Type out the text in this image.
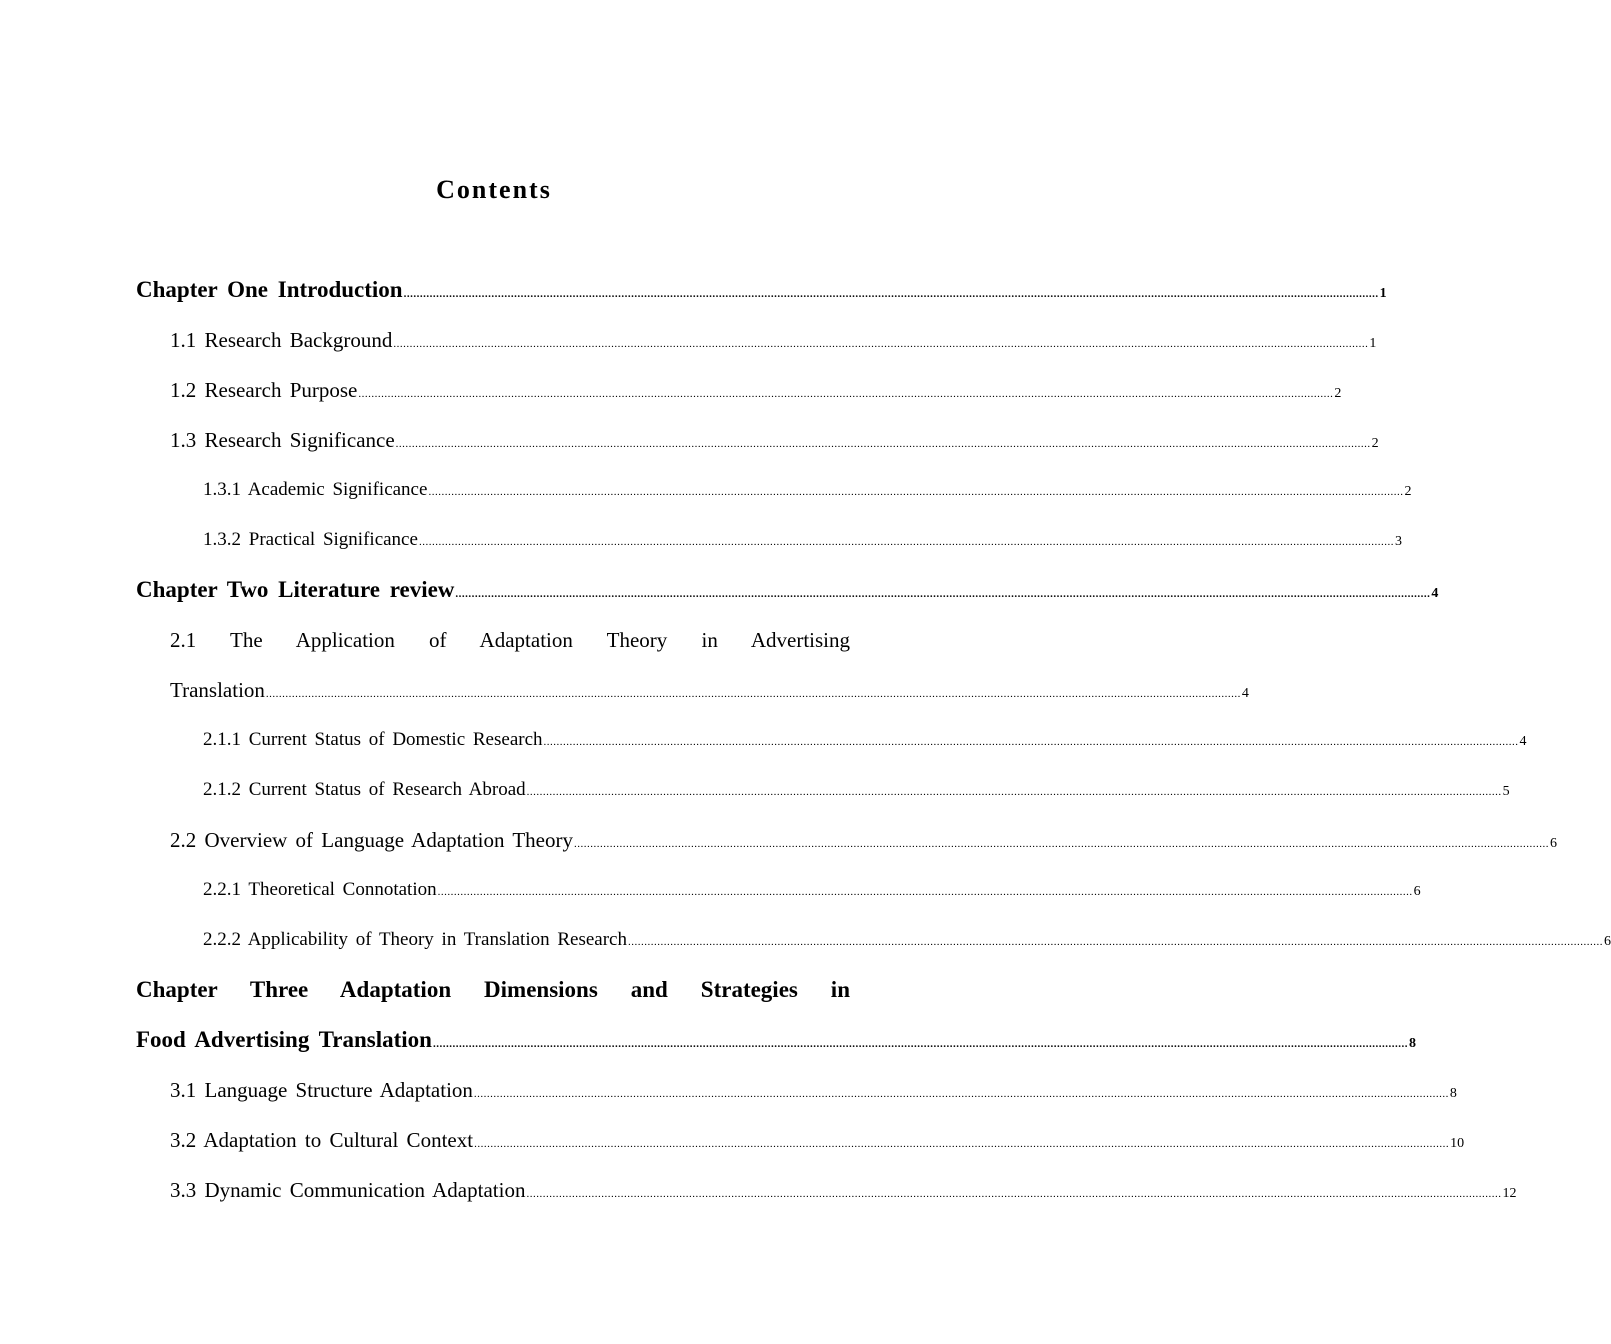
Contents
Chapter One Introduction ............................................................................................................................................................................................................................................................................................................ 1
1.1 Research Background ............................................................................................................................................................................................................................................................................................................ 1
1.2 Research Purpose ............................................................................................................................................................................................................................................................................................................ 2
1.3 Research Significance ............................................................................................................................................................................................................................................................................................................ 2
1.3.1 Academic Significance ............................................................................................................................................................................................................................................................................................................ 2
1.3.2 Practical Significance ............................................................................................................................................................................................................................................................................................................ 3
Chapter Two Literature review ............................................................................................................................................................................................................................................................................................................ 4
2.1 The Application of Adaptation Theory in Advertising
Translation ............................................................................................................................................................................................................................................................................................................ 4
2.1.1 Current Status of Domestic Research ............................................................................................................................................................................................................................................................................................................ 4
2.1.2 Current Status of Research Abroad ............................................................................................................................................................................................................................................................................................................ 5
2.2 Overview of Language Adaptation Theory ............................................................................................................................................................................................................................................................................................................ 6
2.2.1 Theoretical Connotation ............................................................................................................................................................................................................................................................................................................ 6
2.2.2 Applicability of Theory in Translation Research ............................................................................................................................................................................................................................................................................................................ 6
Chapter Three Adaptation Dimensions and Strategies in
Food Advertising Translation ............................................................................................................................................................................................................................................................................................................ 8
3.1 Language Structure Adaptation ............................................................................................................................................................................................................................................................................................................ 8
3.2 Adaptation to Cultural Context ............................................................................................................................................................................................................................................................................................................ 10
3.3 Dynamic Communication Adaptation ............................................................................................................................................................................................................................................................................................................ 12
